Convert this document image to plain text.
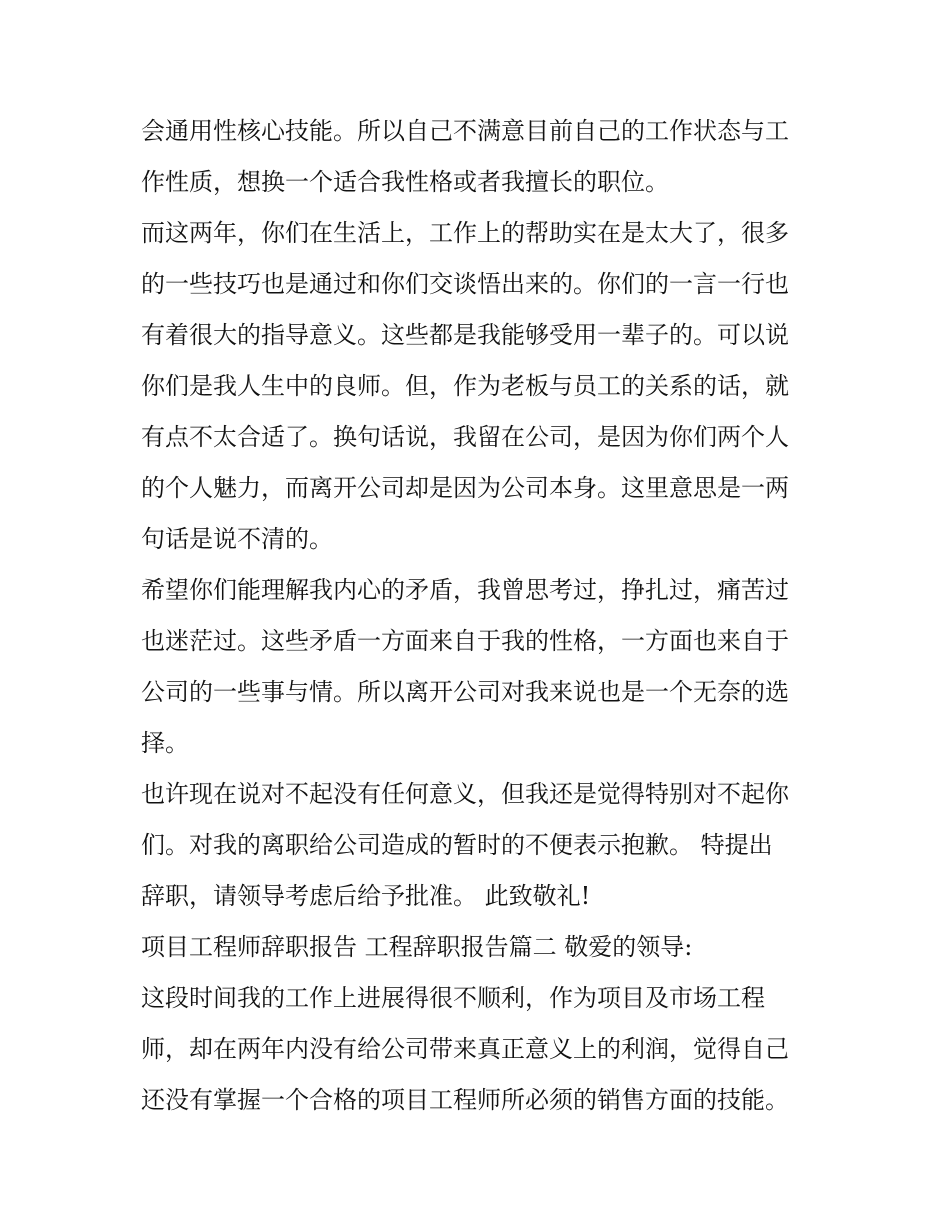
会通用性核心技能。所以自己不满意目前自己的工作状态与工
作性质，想换一个适合我性格或者我擅长的职位。
而这两年，你们在生活上，工作上的帮助实在是太大了，很多
的一些技巧也是通过和你们交谈悟出来的。你们的一言一行也
有着很大的指导意义。这些都是我能够受用一辈子的。可以说
你们是我人生中的良师。但，作为老板与员工的关系的话，就
有点不太合适了。换句话说，我留在公司，是因为你们两个人
的个人魅力，而离开公司却是因为公司本身。这里意思是一两
句话是说不清的。
希望你们能理解我内心的矛盾，我曾思考过，挣扎过，痛苦过
也迷茫过。这些矛盾一方面来自于我的性格，一方面也来自于
公司的一些事与情。所以离开公司对我来说也是一个无奈的选
择。
也许现在说对不起没有任何意义，但我还是觉得特别对不起你
们。对我的离职给公司造成的暂时的不便表示抱歉。 特提出
辞职，请领导考虑后给予批准。 此致敬礼!
项目工程师辞职报告 工程辞职报告篇二 敬爱的领导:
这段时间我的工作上进展得很不顺利，作为项目及市场工程
师，却在两年内没有给公司带来真正意义上的利润，觉得自己
还没有掌握一个合格的项目工程师所必须的销售方面的技能。
